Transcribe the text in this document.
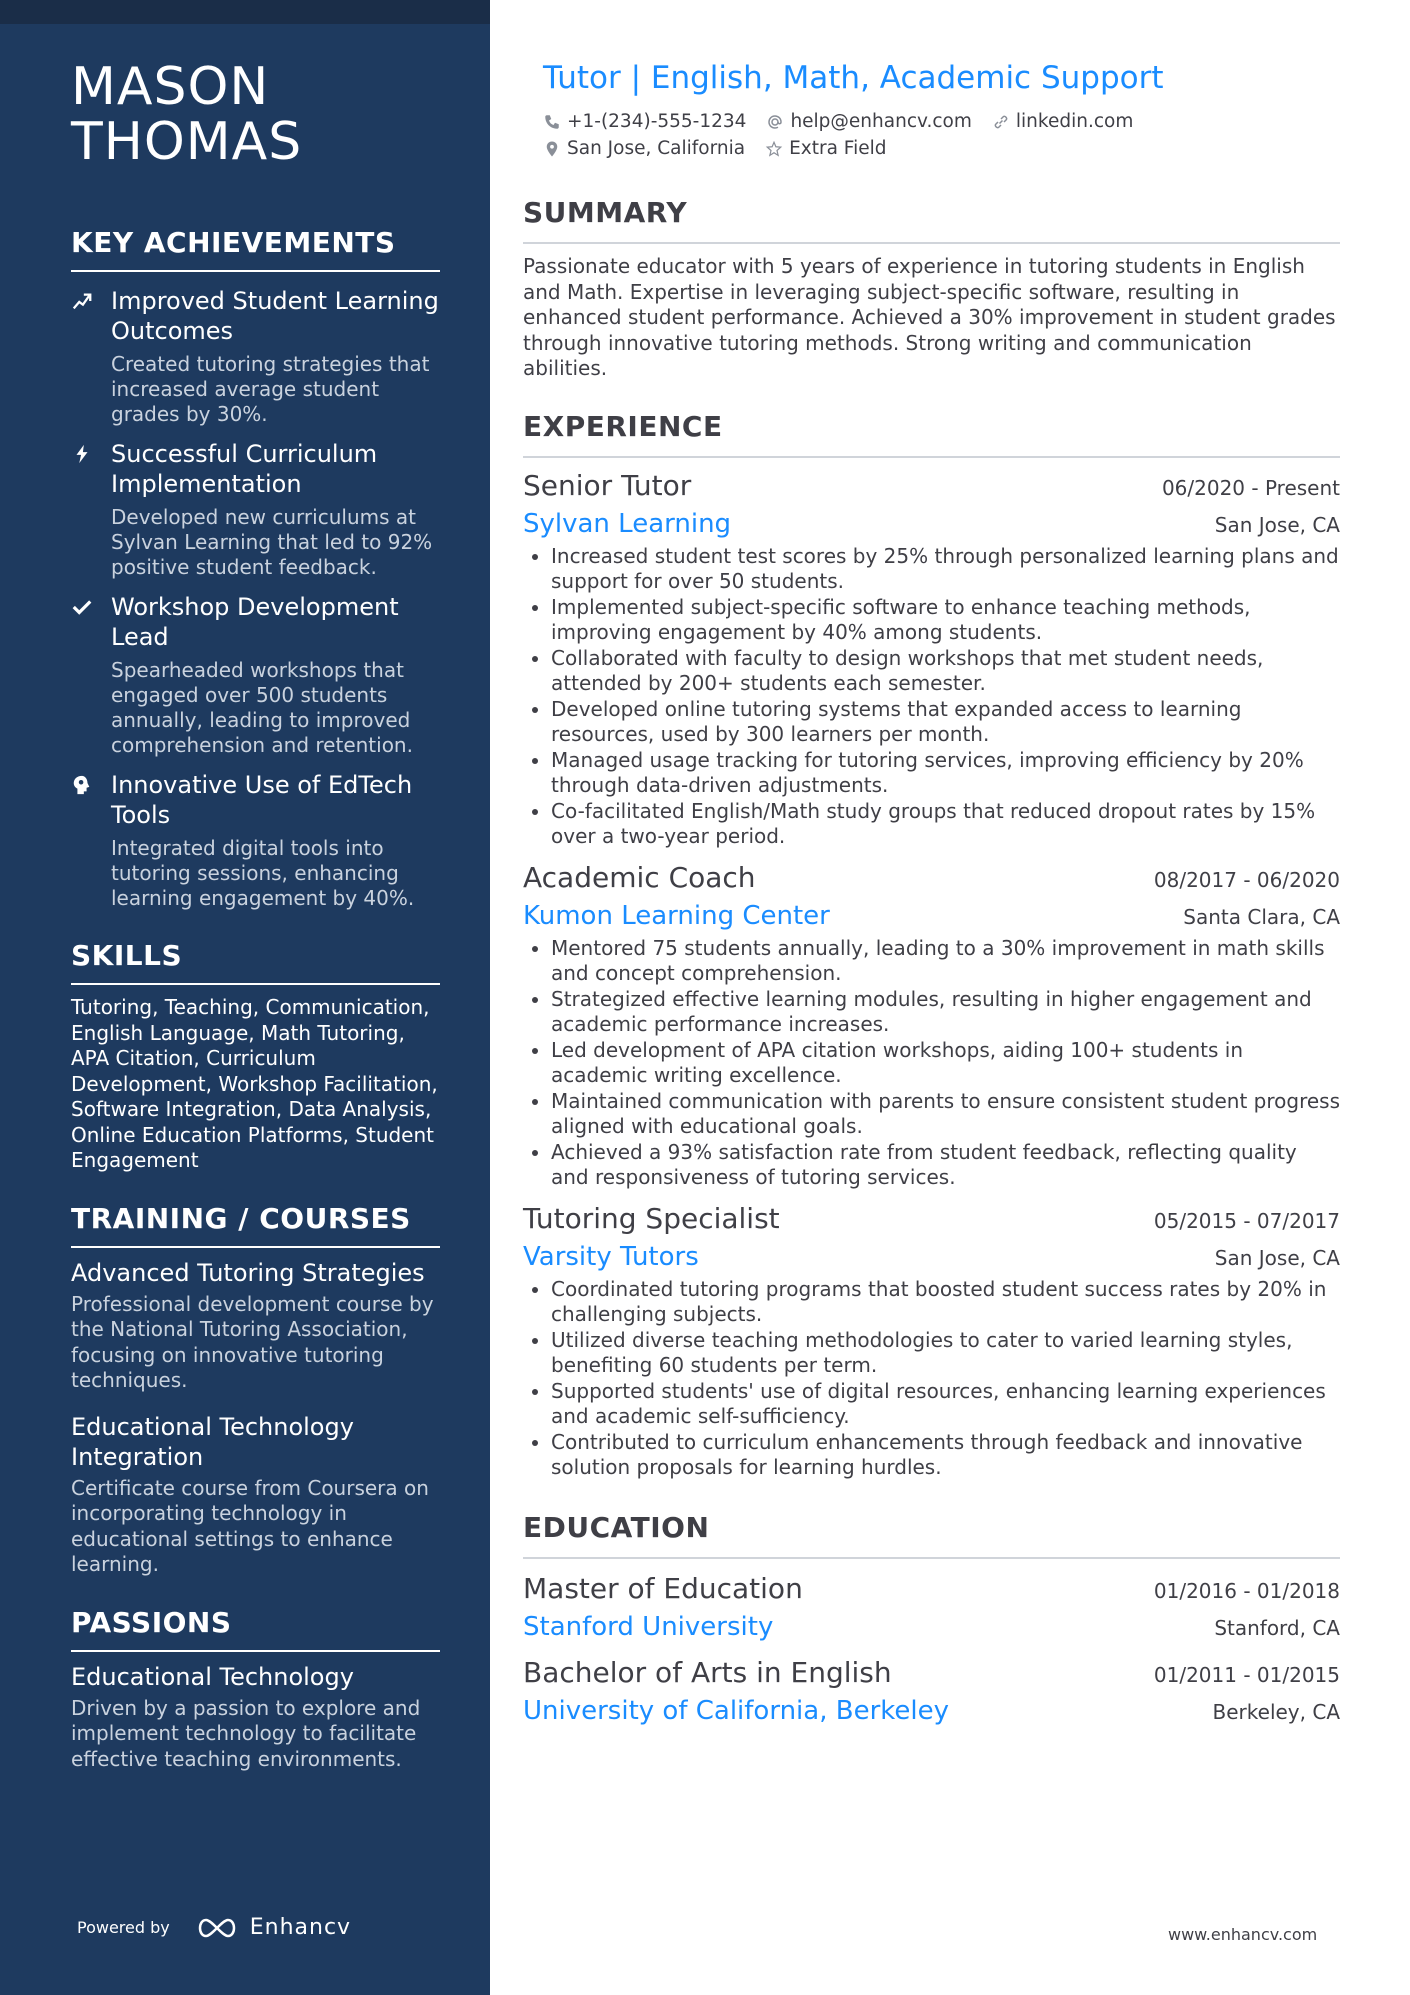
MASON
THOMAS
KEY ACHIEVEMENTS
Improved Student Learning Outcomes
Created tutoring strategies that increased average student grades by 30%.
Successful Curriculum Implementation
Developed new curriculums at Sylvan Learning that led to 92% positive student feedback.
Workshop Development Lead
Spearheaded workshops that engaged over 500 students annually, leading to improved comprehension and retention.
Innovative Use of EdTech Tools
Integrated digital tools into tutoring sessions, enhancing learning engagement by 40%.
SKILLS
Tutoring, Teaching, Communication, English Language, Math Tutoring, APA Citation, Curriculum Development, Workshop Facilitation, Software Integration, Data Analysis, Online Education Platforms, Student Engagement
TRAINING / COURSES
Advanced Tutoring Strategies
Professional development course by the National Tutoring Association, focusing on innovative tutoring techniques.
Educational Technology Integration
Certificate course from Coursera on incorporating technology in educational settings to enhance learning.
PASSIONS
Educational Technology
Driven by a passion to explore and implement technology to facilitate effective teaching environments.
Powered by	Enhancv
Tutor | English, Math, Academic Support
+1-(234)-555-1234 help@enhancv.com linkedin.com
San Jose, California Extra Field
SUMMARY
Passionate educator with 5 years of experience in tutoring students in English and Math. Expertise in leveraging subject-specific software, resulting in enhanced student performance. Achieved a 30% improvement in student grades through innovative tutoring methods. Strong writing and communication abilities.
EXPERIENCE
Senior Tutor	06/2020 - Present
Sylvan Learning	San Jose, CA
• Increased student test scores by 25% through personalized learning plans and support for over 50 students.
• Implemented subject-specific software to enhance teaching methods, improving engagement by 40% among students.
• Collaborated with faculty to design workshops that met student needs, attended by 200+ students each semester.
• Developed online tutoring systems that expanded access to learning resources, used by 300 learners per month.
• Managed usage tracking for tutoring services, improving efficiency by 20% through data-driven adjustments.
• Co-facilitated English/Math study groups that reduced dropout rates by 15% over a two-year period.
Academic Coach	08/2017 - 06/2020
Kumon Learning Center	Santa Clara, CA
• Mentored 75 students annually, leading to a 30% improvement in math skills and concept comprehension.
• Strategized effective learning modules, resulting in higher engagement and academic performance increases.
• Led development of APA citation workshops, aiding 100+ students in academic writing excellence.
• Maintained communication with parents to ensure consistent student progress aligned with educational goals.
• Achieved a 93% satisfaction rate from student feedback, reflecting quality and responsiveness of tutoring services.
Tutoring Specialist	05/2015 - 07/2017
Varsity Tutors	San Jose, CA
• Coordinated tutoring programs that boosted student success rates by 20% in challenging subjects.
• Utilized diverse teaching methodologies to cater to varied learning styles, benefiting 60 students per term.
• Supported students' use of digital resources, enhancing learning experiences and academic self-sufficiency.
• Contributed to curriculum enhancements through feedback and innovative solution proposals for learning hurdles.
EDUCATION
Master of Education	01/2016 - 01/2018
Stanford University	Stanford, CA
Bachelor of Arts in English	01/2011 - 01/2015
University of California, Berkeley	Berkeley, CA
www.enhancv.com
